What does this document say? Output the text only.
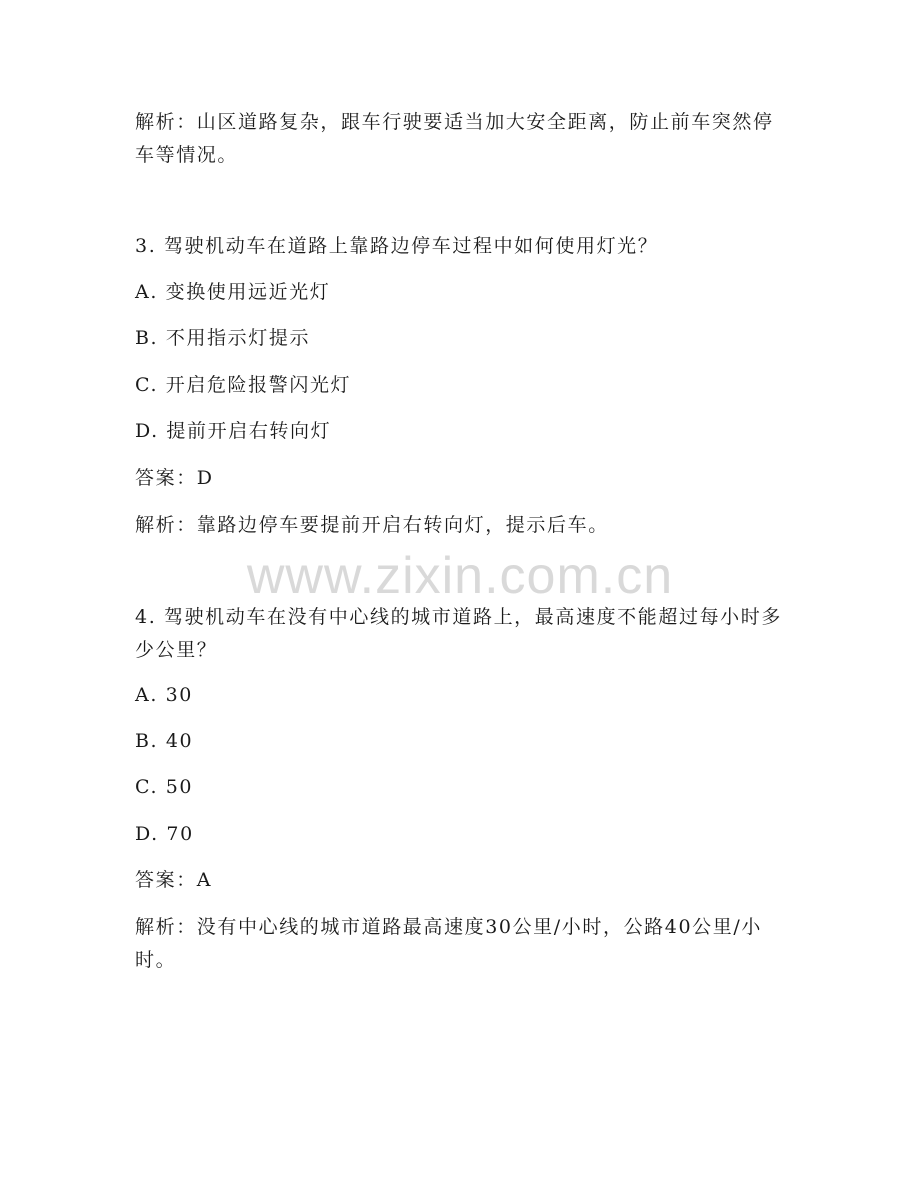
解析：山区道路复杂，跟车行驶要适当加大安全距离，防止前车突然停车等情况。
3. 驾驶机动车在道路上靠路边停车过程中如何使用灯光？
A. 变换使用远近光灯
B. 不用指示灯提示
C. 开启危险报警闪光灯
D. 提前开启右转向灯
答案：D
解析：靠路边停车要提前开启右转向灯，提示后车。
www.zixin.com.cn
4. 驾驶机动车在没有中心线的城市道路上，最高速度不能超过每小时多少公里？
A. 30
B. 40
C. 50
D. 70
答案：A
解析：没有中心线的城市道路最高速度30公里/小时，公路40公里/小时。
